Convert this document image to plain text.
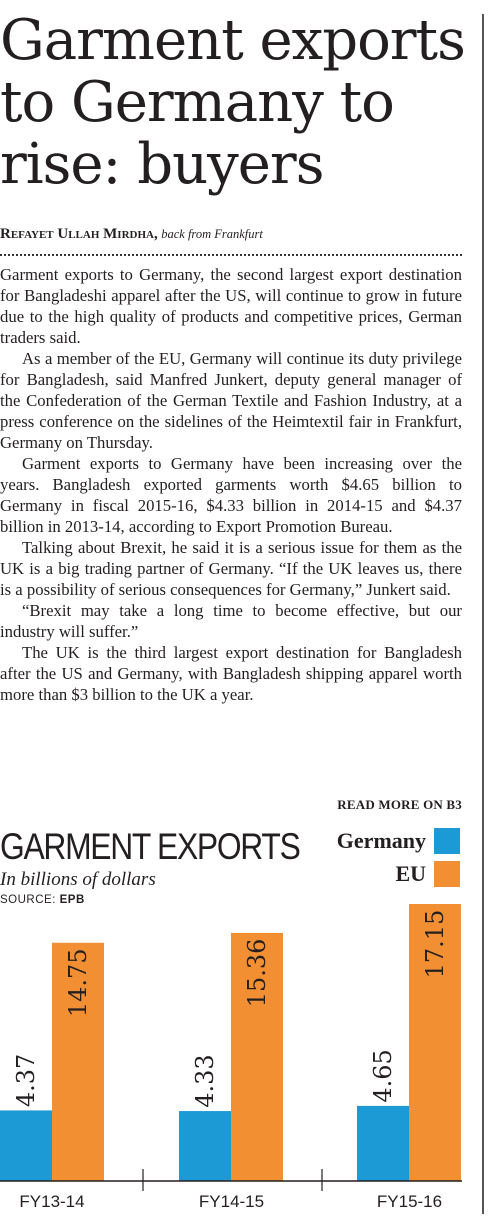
Garment exports to Germany to rise: buyers
Refayet Ullah Mirdha, back from Frankfurt

Garment exports to Germany, the second largest export destination for Bangladeshi apparel after the US, will continue to grow in future due to the high quality of products and competitive prices, German traders said.

As a member of the EU, Germany will continue its duty privilege for Bangladesh, said Manfred Junkert, deputy general manager of the Confederation of the German Textile and Fashion Industry, at a press conference on the sidelines of the Heimtextil fair in Frankfurt, Germany on Thursday.

Garment exports to Germany have been increasing over the years. Bangladesh exported garments worth $4.65 billion to Germany in fiscal 2015-16, $4.33 billion in 2014-15 and $4.37 billion in 2013-14, according to Export Promotion Bureau.

Talking about Brexit, he said it is a serious issue for them as the UK is a big trading partner of Germany. “If the UK leaves us, there is a possibility of serious consequences for Germany,” Junkert said.

“Brexit may take a long time to become effective, but our industry will suffer.”

The UK is the third largest export destination for Bangladesh after the US and Germany, with Bangladesh shipping apparel worth more than $3 billion to the UK a year.

READ MORE ON B3
GARMENT EXPORTS
In billions of dollars
SOURCE: EPB
Germany
EU
4.37
14.75
FY13-14
4.33
15.36
FY14-15
4.65
17.15
FY15-16
